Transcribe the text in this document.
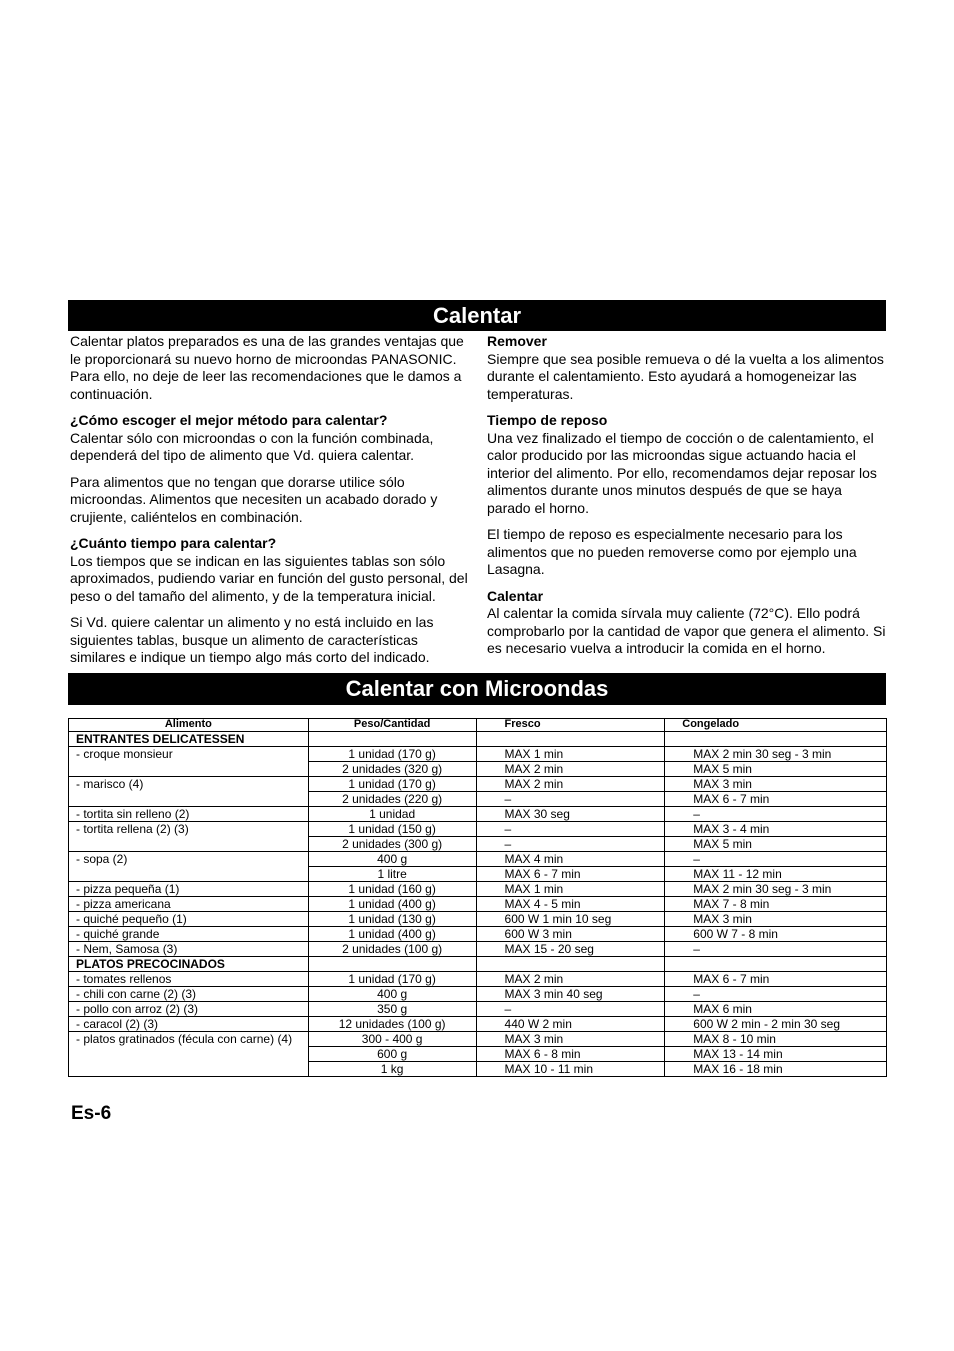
Calentar

Calentar platos preparados es una de las grandes ventajas que le proporcionará su nuevo horno de microondas PANASONIC. Para ello, no deje de leer las recomendaciones que le damos a continuación.

¿Cómo escoger el mejor método para calentar?

Calentar sólo con microondas o con la función combinada, dependerá del tipo de alimento que Vd. quiera calentar.

Para alimentos que no tengan que dorarse utilice sólo microondas. Alimentos que necesiten un acabado dorado y crujiente, caliéntelos en combinación.

¿Cuánto tiempo para calentar?

Los tiempos que se indican en las siguientes tablas son sólo aproximados, pudiendo variar en función del gusto personal, del peso o del tamaño del alimento, y de la temperatura inicial.

Si Vd. quiere calentar un alimento y no está incluido en las siguientes tablas, busque un alimento de características similares e indique un tiempo algo más corto del indicado.

Remover

Siempre que sea posible remueva o dé la vuelta a los alimentos durante el calentamiento. Esto ayudará a homogeneizar las temperaturas.

Tiempo de reposo

Una vez finalizado el tiempo de cocción o de calentamiento, el calor producido por las microondas sigue actuando hacia el interior del alimento. Por ello, recomendamos dejar reposar los alimentos durante unos minutos después de que se haya parado el horno.

El tiempo de reposo es especialmente necesario para los alimentos que no pueden removerse como por ejemplo una Lasagna.

Calentar

Al calentar la comida sírvala muy caliente (72°C). Ello podrá comprobarlo por la cantidad de vapor que genera el alimento. Si es necesario vuelva a introducir la comida en el horno.

Calentar con Microondas
Alimento	Peso/Cantidad	Fresco	Congelado
ENTRANTES DELICATESSEN			
- croque monsieur	1 unidad (170 g)	MAX 1 min	MAX 2 min 30 seg - 3 min
	2 unidades (320 g)	MAX 2 min	MAX 5 min
- marisco (4)	1 unidad (170 g)	MAX 2 min	MAX 3 min
	2 unidades (220 g)	–	MAX 6 - 7 min
- tortita sin relleno (2)	1 unidad	MAX 30 seg	–
- tortita rellena (2) (3)	1 unidad (150 g)	–	MAX 3 - 4 min
	2 unidades (300 g)	–	MAX 5 min
- sopa (2)	400 g	MAX 4 min	–
	1 litre	MAX 6 - 7 min	MAX 11 - 12 min
- pizza pequeña (1)	1 unidad (160 g)	MAX 1 min	MAX 2 min 30 seg - 3 min
- pizza americana	1 unidad (400 g)	MAX 4 - 5 min	MAX 7 - 8 min
- quiché pequeño (1)	1 unidad (130 g)	600 W 1 min 10 seg	MAX 3 min
- quiché grande	1 unidad (400 g)	600 W 3 min	600 W 7 - 8 min
- Nem, Samosa (3)	2 unidades (100 g)	MAX 15 - 20 seg	–
PLATOS PRECOCINADOS			
- tomates rellenos	1 unidad (170 g)	MAX 2 min	MAX 6 - 7 min
- chili con carne (2) (3)	400 g	MAX 3 min 40 seg	–
- pollo con arroz (2) (3)	350 g	–	MAX 6 min
- caracol (2) (3)	12 unidades (100 g)	440 W 2 min	600 W 2 min - 2 min 30 seg
- platos gratinados (fécula con carne) (4)	300 - 400 g	MAX 3 min	MAX 8 - 10 min
	600 g	MAX 6 - 8 min	MAX 13 - 14 min
	1 kg	MAX 10 - 11 min	MAX 16 - 18 min
Es-6
